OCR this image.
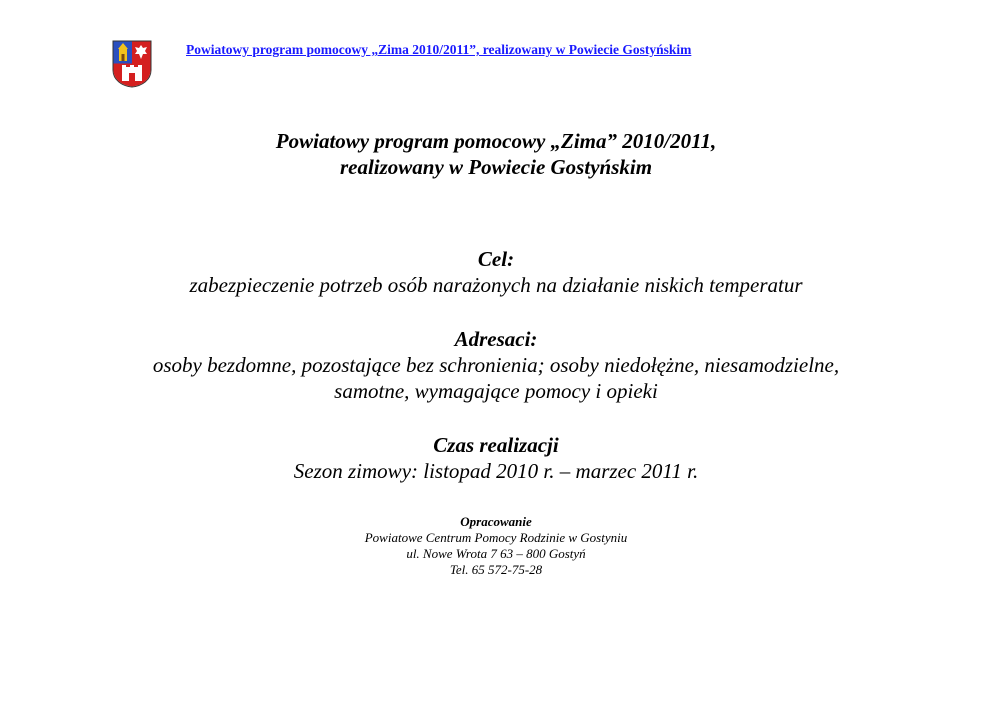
Powiatowy program pomocowy „Zima 2010/2011”, realizowany w Powiecie Gostyńskim
Powiatowy program pomocowy „Zima” 2010/2011,
realizowany w Powiecie Gostyńskim
Cel:
zabezpieczenie potrzeb osób narażonych na działanie niskich temperatur
Adresaci:
osoby bezdomne, pozostające bez schronienia; osoby niedołężne, niesamodzielne,
samotne, wymagające pomocy i opieki
Czas realizacji
Sezon zimowy: listopad 2010 r. – marzec 2011 r.
Opracowanie
Powiatowe Centrum Pomocy Rodzinie w Gostyniu
ul. Nowe Wrota 7 63 – 800 Gostyń
Tel. 65 572-75-28
